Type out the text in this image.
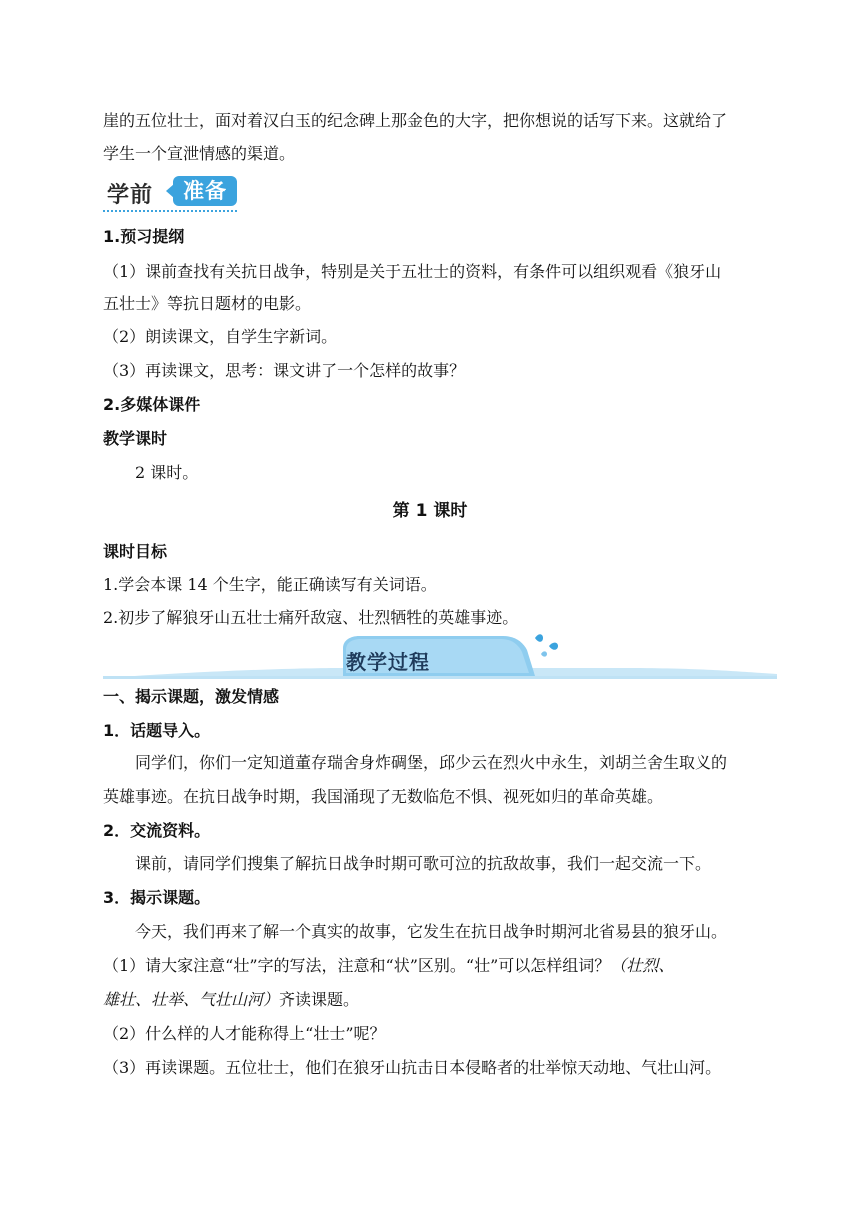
崖的五位壮士，面对着汉白玉的纪念碑上那金色的大字，把你想说的话写下来。这就给了
学生一个宣泄情感的渠道。
学前	准备
1.预习提纲
（1）课前查找有关抗日战争，特别是关于五壮士的资料，有条件可以组织观看《狼牙山
五壮士》等抗日题材的电影。
（2）朗读课文，自学生字新词。
（3）再读课文，思考：课文讲了一个怎样的故事？
2.多媒体课件
教学课时
2 课时。
第 1 课时
课时目标
1.学会本课 14 个生字，能正确读写有关词语。
2.初步了解狼牙山五壮士痛歼敌寇、壮烈牺牲的英雄事迹。
教学过程
一、揭示课题，激发情感
1．话题导入。
同学们，你们一定知道董存瑞舍身炸碉堡，邱少云在烈火中永生，刘胡兰舍生取义的
英雄事迹。在抗日战争时期，我国涌现了无数临危不惧、视死如归的革命英雄。
2．交流资料。
课前，请同学们搜集了解抗日战争时期可歌可泣的抗敌故事，我们一起交流一下。
3．揭示课题。
今天，我们再来了解一个真实的故事，它发生在抗日战争时期河北省易县的狼牙山。
（1）请大家注意“壮”字的写法，注意和“状”区别。“壮”可以怎样组词？（壮烈、
雄壮、壮举、气壮山河）齐读课题。
（2）什么样的人才能称得上“壮士”呢？
（3）再读课题。五位壮士，他们在狼牙山抗击日本侵略者的壮举惊天动地、气壮山河。
